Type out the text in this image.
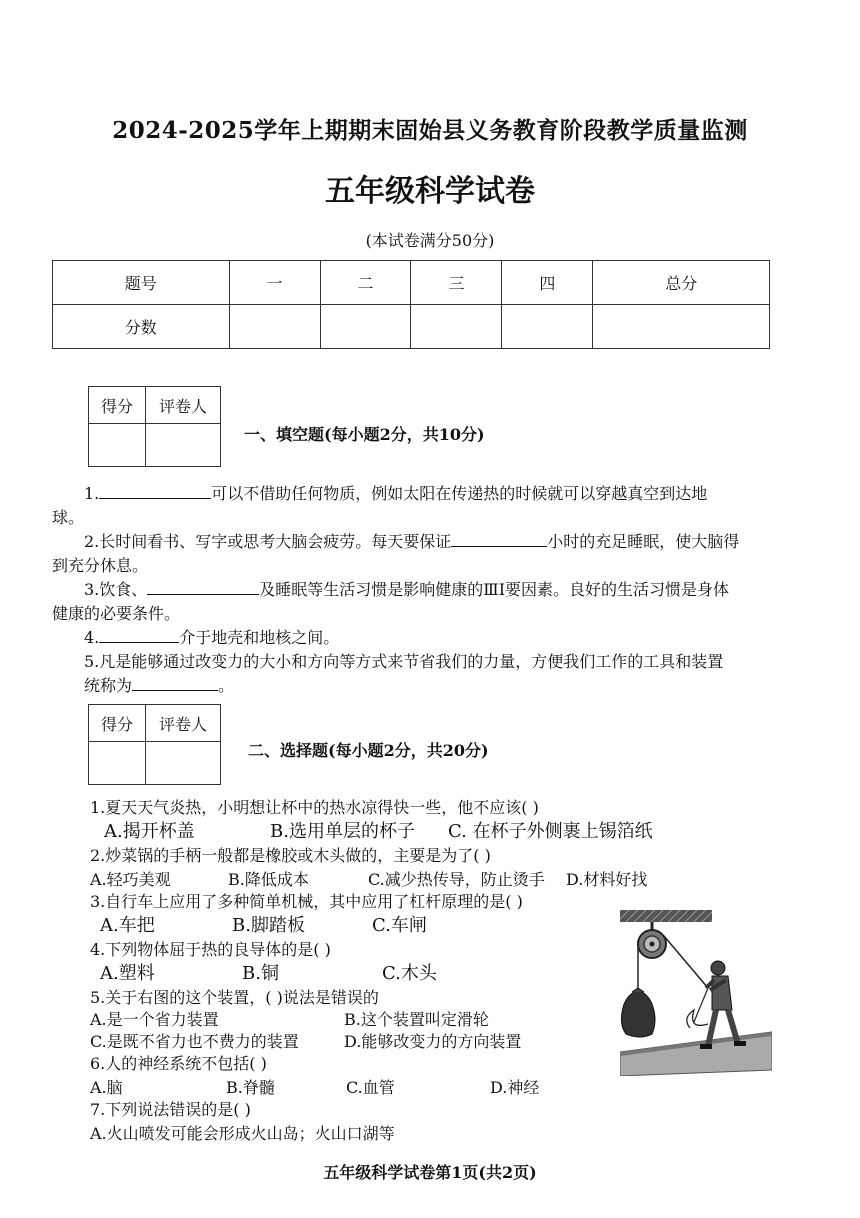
2024-2025学年上期期末固始县义务教育阶段教学质量监测
五年级科学试卷
(本试卷满分50分)
题号	一	二	三	四	总分
分数					
得分	评卷人

一、填空题(每小题2分，共10分)
1.	可以不借助任何物质，例如太阳在传递热的时候就可以穿越真空到达地
球。
2.长时间看书、写字或思考大脑会疲劳。每天要保证	小时的充足睡眠，使大脑得
到充分休息。
3.饮食、	及睡眠等生活习惯是影响健康的ⅢI要因素。良好的生活习惯是身体
健康的必要条件。
4.	介于地壳和地核之间。
5.凡是能够通过改变力的大小和方向等方式来节省我们的力量，方便我们工作的工具和装置
统称为	。
得分	评卷人

二、选择题(每小题2分，共20分)
1.夏天天气炎热，小明想让杯中的热水凉得快一些，他不应该( )
A.揭开杯盖	B.选用单层的杯子 C. 在杯子外侧裹上锡箔纸
2.炒菜锅的手柄一般都是橡胶或木头做的，主要是为了( )
A.轻巧美观	B.降低成本	C.减少热传导，防止烫手 D.材料好找
3.自行车上应用了多种简单机械，其中应用了杠杆原理的是( )
A.车把	B.脚踏板	C.车闸
4.下列物体屈于热的良导体的是( )
A.塑料	B.铜	C.木头
5.关于右图的这个装置，( )说法是错误的
A.是一个省力装置	B.这个装置叫定滑轮
C.是既不省力也不费力的装置	D.能够改变力的方向装置
6.人的神经系统不包括( )
A.脑	B.脊髓	C.血管	D.神经
7.下列说法错误的是( )
A.火山喷发可能会形成火山岛；火山口湖等
五年级科学试卷第1页(共2页)
